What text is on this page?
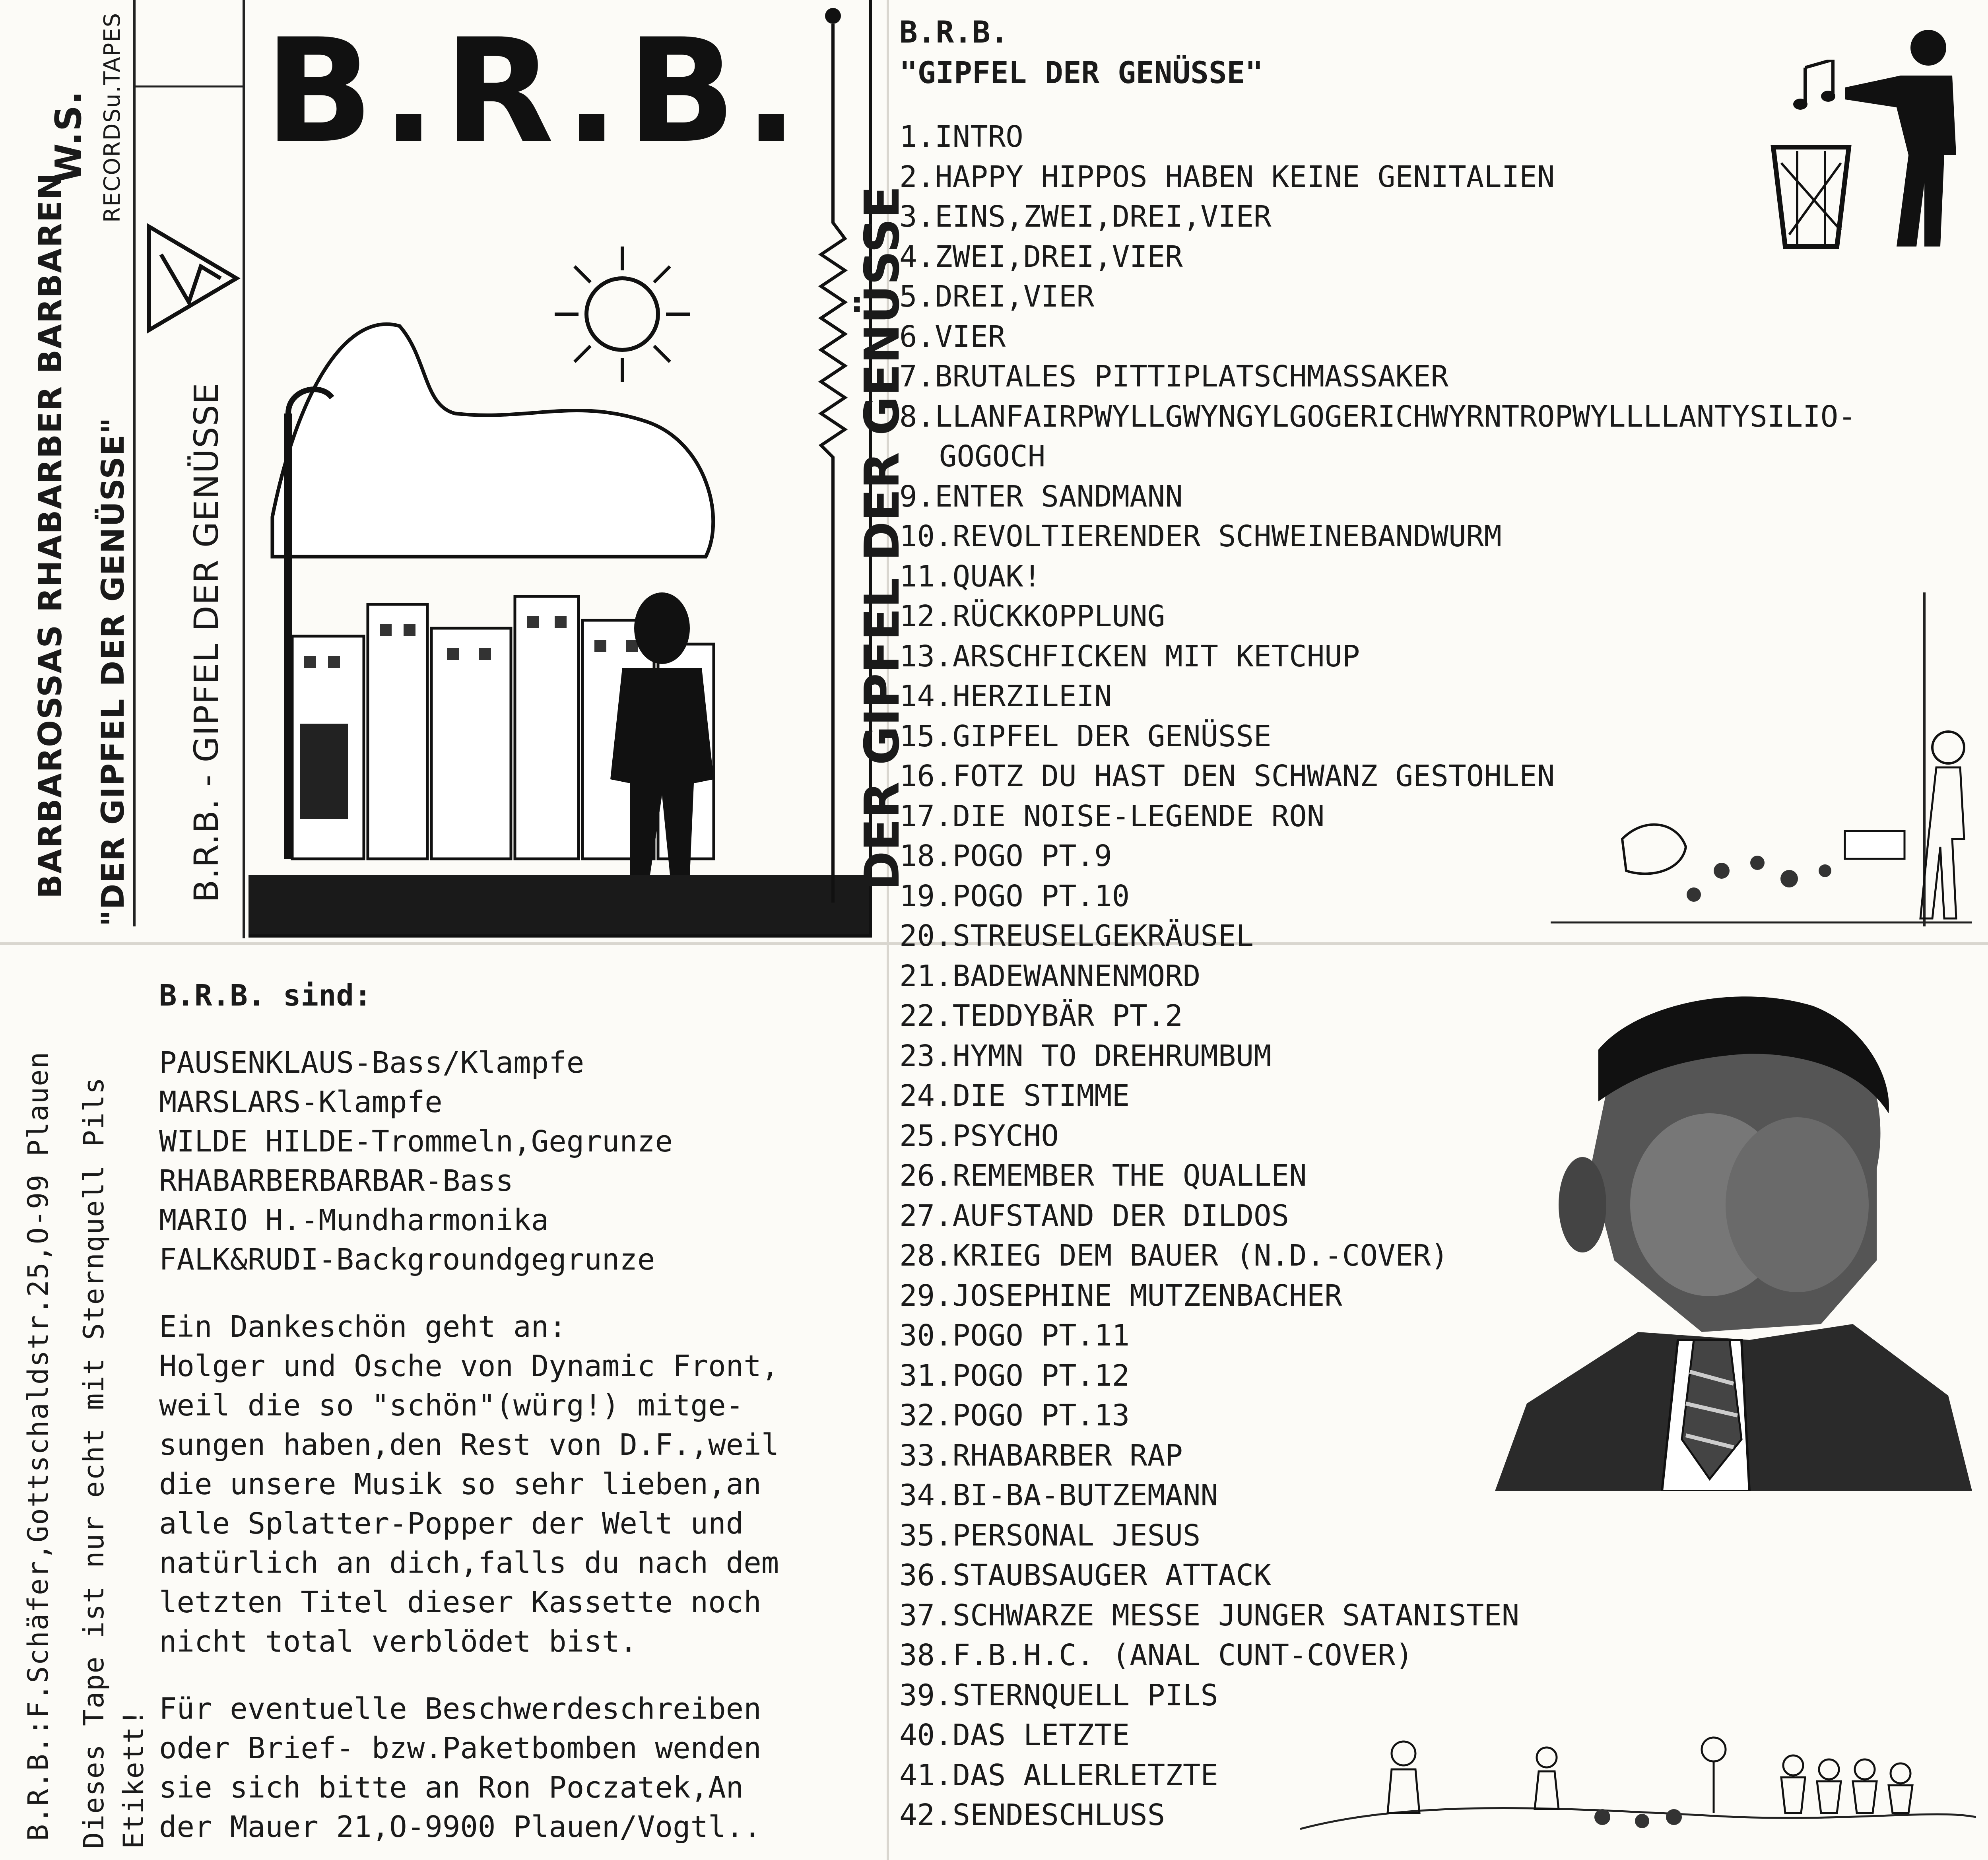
BARBAROSSAS RHABARBER BARBAREN "DER GIPFEL DER GENÜSSE" B.R.B. - GIPFEL DER GENÜSSE
W.S. RECORDSu.TAPES B.R.B.
DER GIPFEL DER GENÜSSE
B.R.B.
"GIPFEL DER GENÜSSE"
1.INTRO
2.HAPPY HIPPOS HABEN KEINE GENITALIEN
3.EINS,ZWEI,DREI,VIER
4.ZWEI,DREI,VIER
5.DREI,VIER
6.VIER
7.BRUTALES PITTIPLATSCHMASSAKER
8.LLANFAIRPWYLLGWYNGYLGOGERICHWYRNTROPWYLLLLANTYSILIO-
GOGOCH
9.ENTER SANDMANN
10.REVOLTIERENDER SCHWEINEBANDWURM
11.QUAK!
12.RÜCKKOPPLUNG
13.ARSCHFICKEN MIT KETCHUP
14.HERZILEIN
15.GIPFEL DER GENÜSSE
16.FOTZ DU HAST DEN SCHWANZ GESTOHLEN
17.DIE NOISE-LEGENDE RON
18.POGO PT.9
19.POGO PT.10
20.STREUSELGEKRÄUSEL
21.BADEWANNENMORD
22.TEDDYBÄR PT.2
23.HYMN TO DREHRUMBUM
24.DIE STIMME
25.PSYCHO
26.REMEMBER THE QUALLEN
27.AUFSTAND DER DILDOS
28.KRIEG DEM BAUER (N.D.-COVER)
29.JOSEPHINE MUTZENBACHER
30.POGO PT.11
31.POGO PT.12
32.POGO PT.13
33.RHABARBER RAP
34.BI-BA-BUTZEMANN
35.PERSONAL JESUS
36.STAUBSAUGER ATTACK
37.SCHWARZE MESSE JUNGER SATANISTEN
38.F.B.H.C. (ANAL CUNT-COVER)
39.STERNQUELL PILS
40.DAS LETZTE
41.DAS ALLERLETZTE
42.SENDESCHLUSS

B.R.B. sind:

PAUSENKLAUS-Bass/Klampfe

MARSLARS-Klampfe

WILDE HILDE-Trommeln,Gegrunze

RHABARBERBARBAR-Bass

MARIO H.-Mundharmonika

FALK&RUDI-Backgroundgegrunze

Ein Dankeschön geht an:

Holger und Osche von Dynamic Front,

weil die so "schön"(würg!) mitge-

sungen haben,den Rest von D.F.,weil

die unsere Musik so sehr lieben,an

alle Splatter-Popper der Welt und

natürlich an dich,falls du nach dem

letzten Titel dieser Kassette noch

nicht total verblödet bist.

Für eventuelle Beschwerdeschreiben

oder Brief- bzw.Paketbomben wenden

sie sich bitte an Ron Poczatek,An

der Mauer 21,O-9900 Plauen/Vogtl..

B.R.B.:F.Schäfer,Gottschaldstr.25,O-99 Plauen Dieses Tape ist nur echt mit Sternquell Pils Etikett!
